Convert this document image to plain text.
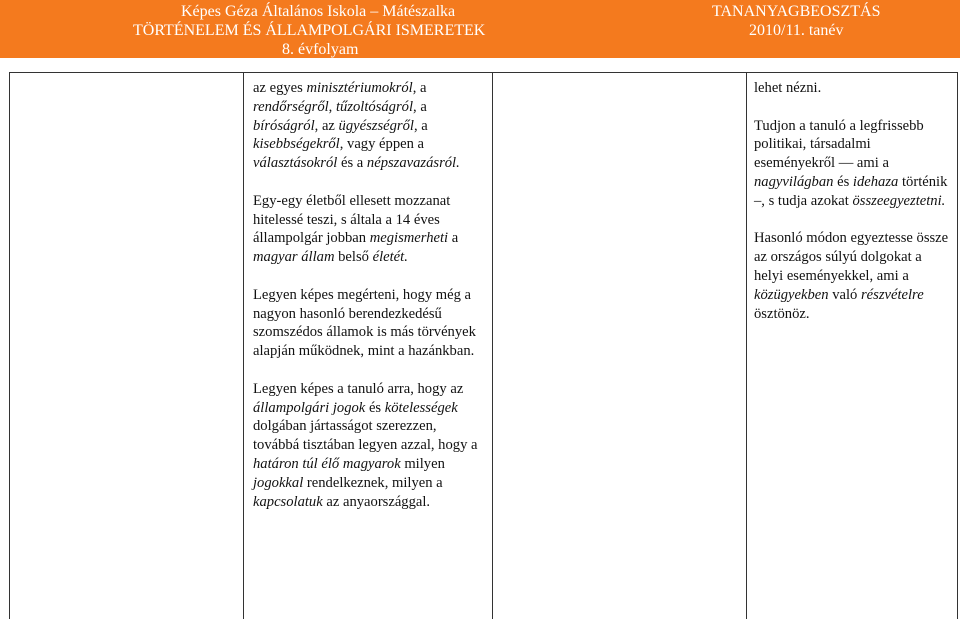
Képes Géza Általános Iskola – Mátészalka
TÖRTÉNELEM ÉS ÁLLAMPOLGÁRI ISMERETEK
8. évfolyam
TANANYAGBEOSZTÁS
2010/11. tanév

az egyes minisztériumokról, a rendőrségről, tűzoltóságról, a bíróságról, az ügyészségről, a kisebbségekről, vagy éppen a választásokról és a népszavazásról.

Egy-egy életből ellesett mozzanat hitelessé teszi, s általa a 14 éves állampolgár jobban megismerheti a magyar állam belső életét.

Legyen képes megérteni, hogy még a nagyon hasonló berendezkedésű szomszédos államok is más törvények alapján működnek, mint a hazánkban.

Legyen képes a tanuló arra, hogy az állampolgári jogok és kötelességek dolgában jártasságot szerezzen, továbbá tisztában legyen azzal, hogy a határon túl élő magyarok milyen jogokkal rendelkeznek, milyen a kapcsolatuk az anyaországgal.

lehet nézni.

Tudjon a tanuló a legfrissebb politikai, társadalmi eseményekről — ami a nagyvilágban és idehaza történik –, s tudja azokat összeegyeztetni.

Hasonló módon egyeztesse össze az országos súlyú dolgokat a helyi eseményekkel, ami a közügyekben való részvételre ösztönöz.
